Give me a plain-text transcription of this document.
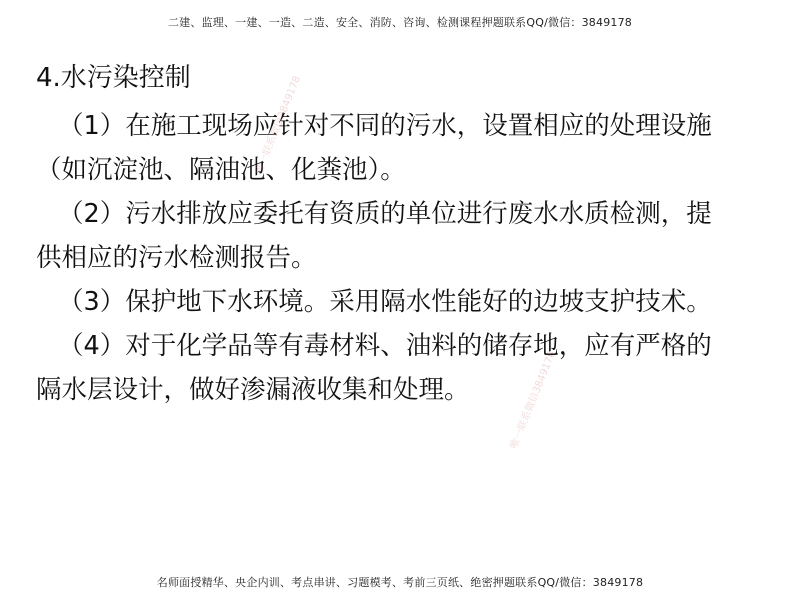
二建、监理、一建、一造、二造、安全、消防、咨询、检测课程押题联系QQ/微信：3849178
4.水污染控制
（1）在施工现场应针对不同的污水，设置相应的处理设施
（如沉淀池、隔油池、化粪池）。
（2）污水排放应委托有资质的单位进行废水水质检测，提
供相应的污水检测报告。
（3）保护地下水环境。采用隔水性能好的边坡支护技术。
（4）对于化学品等有毒材料、油料的储存地，应有严格的
隔水层设计，做好渗漏液收集和处理。
唯一联系微信3849178
唯一联系微信3849178
名师面授精华、央企内训、考点串讲、习题模考、考前三页纸、绝密押题联系QQ/微信：3849178
